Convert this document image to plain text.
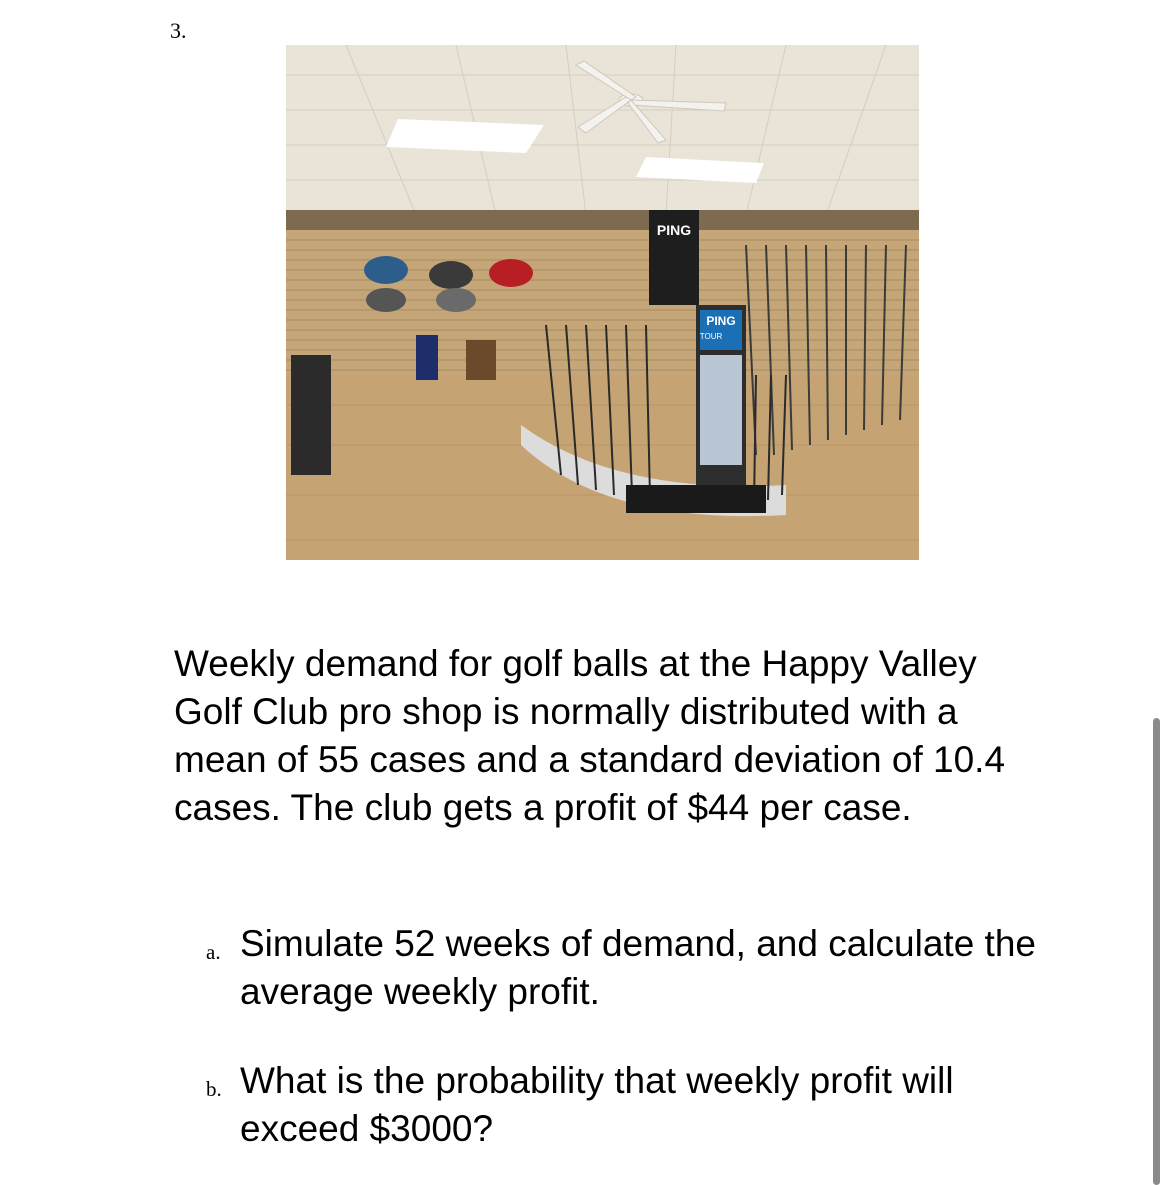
3.
PING
PING
TOUR

Weekly demand for golf balls at the Happy Valley Golf Club pro shop is normally distributed with a mean of 55 cases and a standard deviation of 10.4 cases. The club gets a profit of $44 per case.

a. Simulate 52 weeks of demand, and calculate the average weekly profit.
b. What is the probability that weekly profit will exceed $3000?
